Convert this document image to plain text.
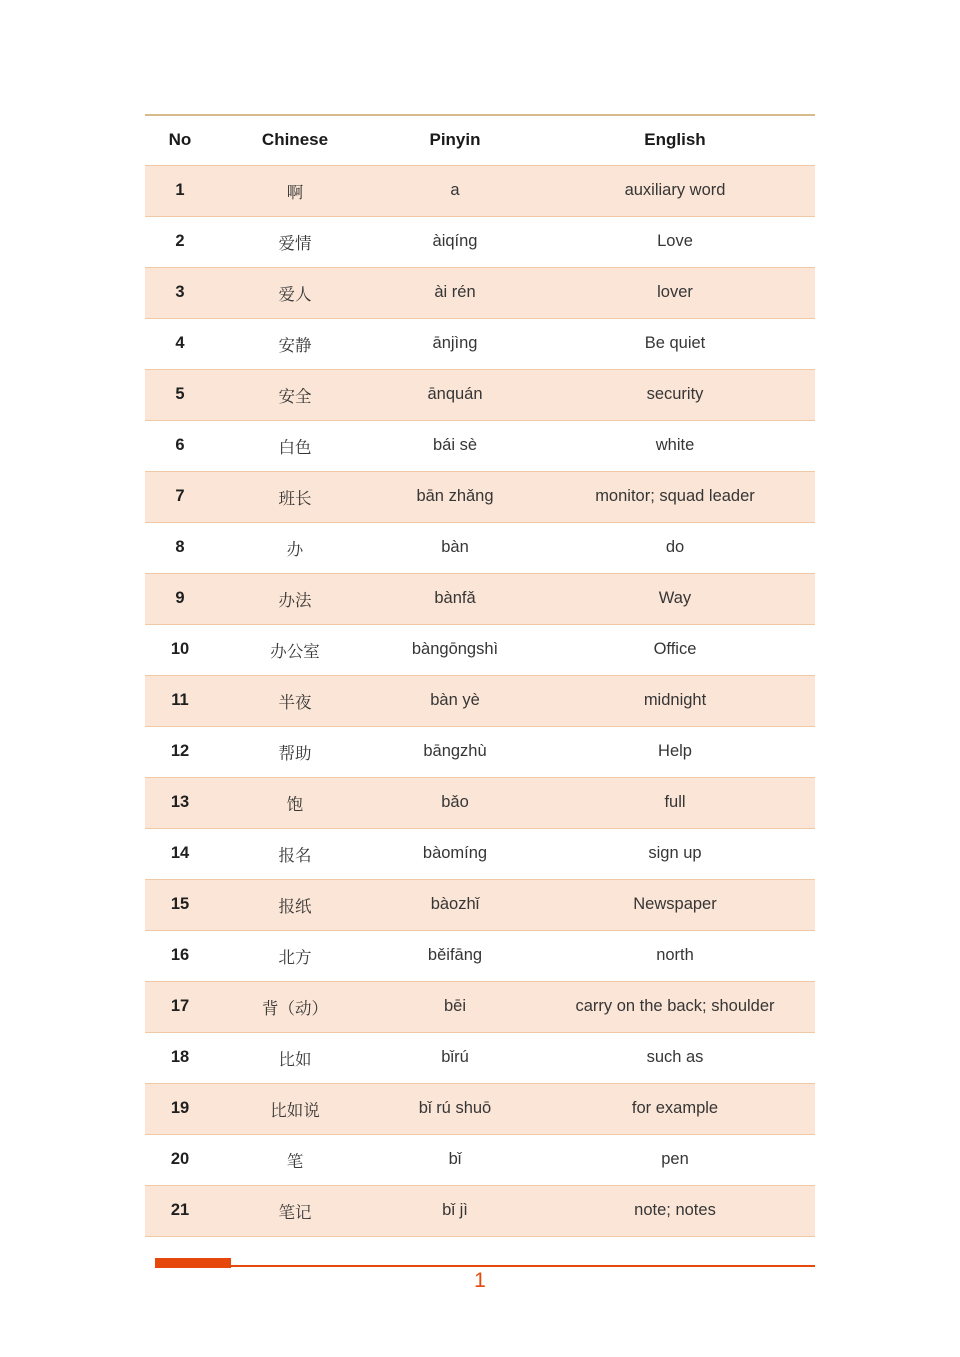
No	Chinese	Pinyin	English
1	啊	a	auxiliary word
2	爱情	àiqíng	Love
3	爱人	ài rén	lover
4	安静	ānjìng	Be quiet
5	安全	ānquán	security
6	白色	bái sè	white
7	班长	bān zhǎng	monitor; squad leader
8	办	bàn	do
9	办法	bànfǎ	Way
10	办公室	bàngōngshì	Office
11	半夜	bàn yè	midnight
12	帮助	bāngzhù	Help
13	饱	bǎo	full
14	报名	bàomíng	sign up
15	报纸	bàozhǐ	Newspaper
16	北方	běifāng	north
17	背（动）	bēi	carry on the back; shoulder
18	比如	bǐrú	such as
19	比如说	bǐ rú shuō	for example
20	笔	bǐ	pen
21	笔记	bǐ jì	note; notes
1
